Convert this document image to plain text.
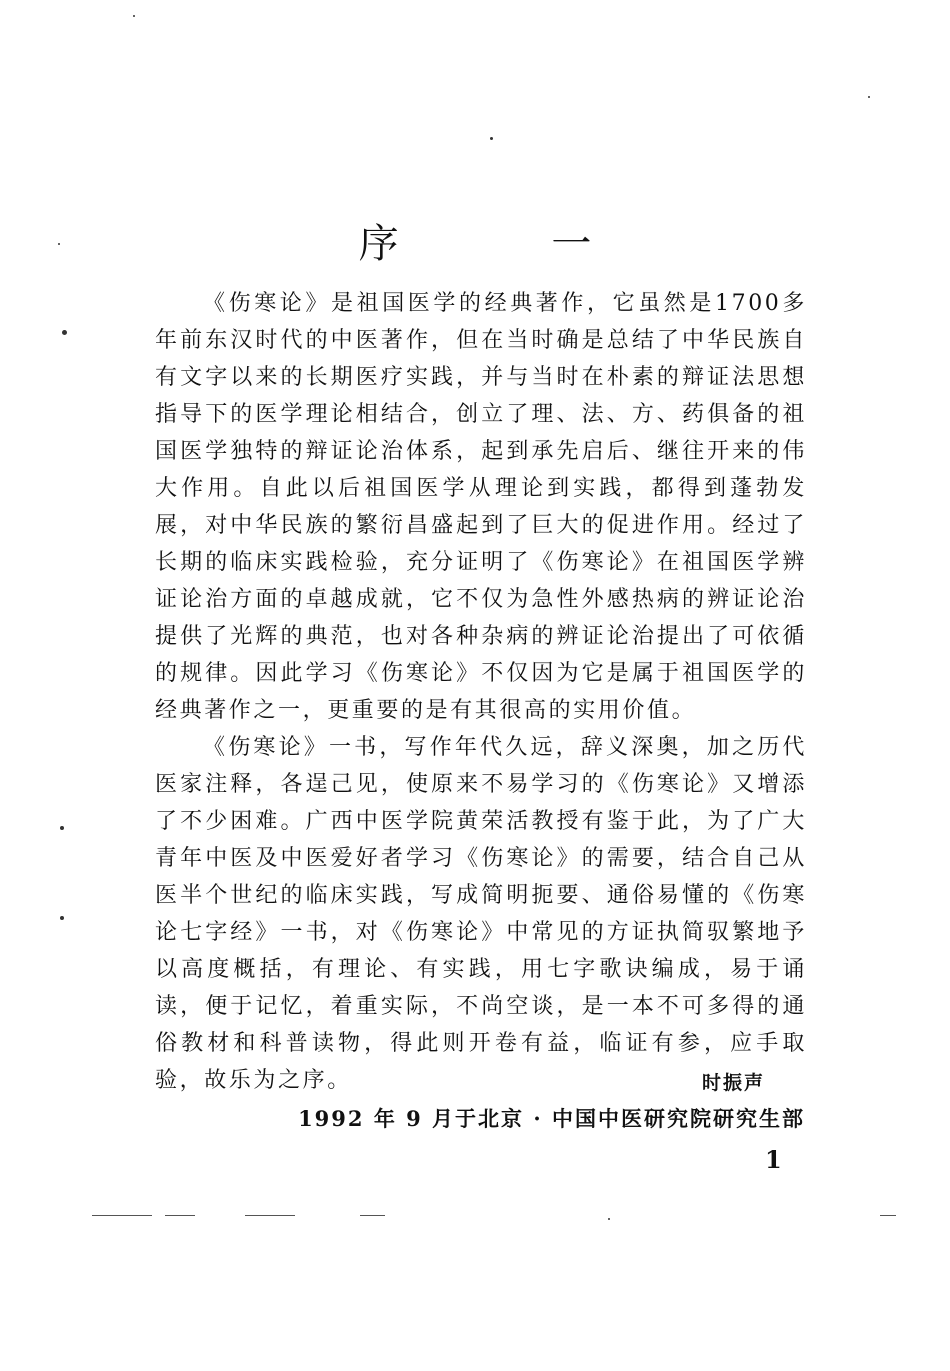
序 一

《伤寒论》是祖国医学的经典著作，它虽然是1700多年前东汉时代的中医著作，但在当时确是总结了中华民族自有文字以来的长期医疗实践，并与当时在朴素的辩证法思想指导下的医学理论相结合，创立了理、法、方、药俱备的祖国医学独特的辩证论治体系，起到承先启后、继往开来的伟大作用。自此以后祖国医学从理论到实践，都得到蓬勃发展，对中华民族的繁衍昌盛起到了巨大的促进作用。经过了长期的临床实践检验，充分证明了《伤寒论》在祖国医学辨证论治方面的卓越成就，它不仅为急性外感热病的辨证论治提供了光辉的典范，也对各种杂病的辨证论治提出了可依循的规律。因此学习《伤寒论》不仅因为它是属于祖国医学的经典著作之一，更重要的是有其很高的实用价值。

《伤寒论》一书，写作年代久远，辞义深奥，加之历代医家注释，各逞己见，使原来不易学习的《伤寒论》又增添了不少困难。广西中医学院黄荣活教授有鉴于此，为了广大青年中医及中医爱好者学习《伤寒论》的需要，结合自己从医半个世纪的临床实践，写成简明扼要、通俗易懂的《伤寒论七字经》一书，对《伤寒论》中常见的方证执简驭繁地予以高度概括，有理论、有实践，用七字歌诀编成，易于诵读，便于记忆，着重实际，不尚空谈，是一本不可多得的通俗教材和科普读物，得此则开卷有益，临证有参，应手取验，故乐为之序。	时振声
1992 年 9 月于北京 · 中国中医研究院研究生部
1
